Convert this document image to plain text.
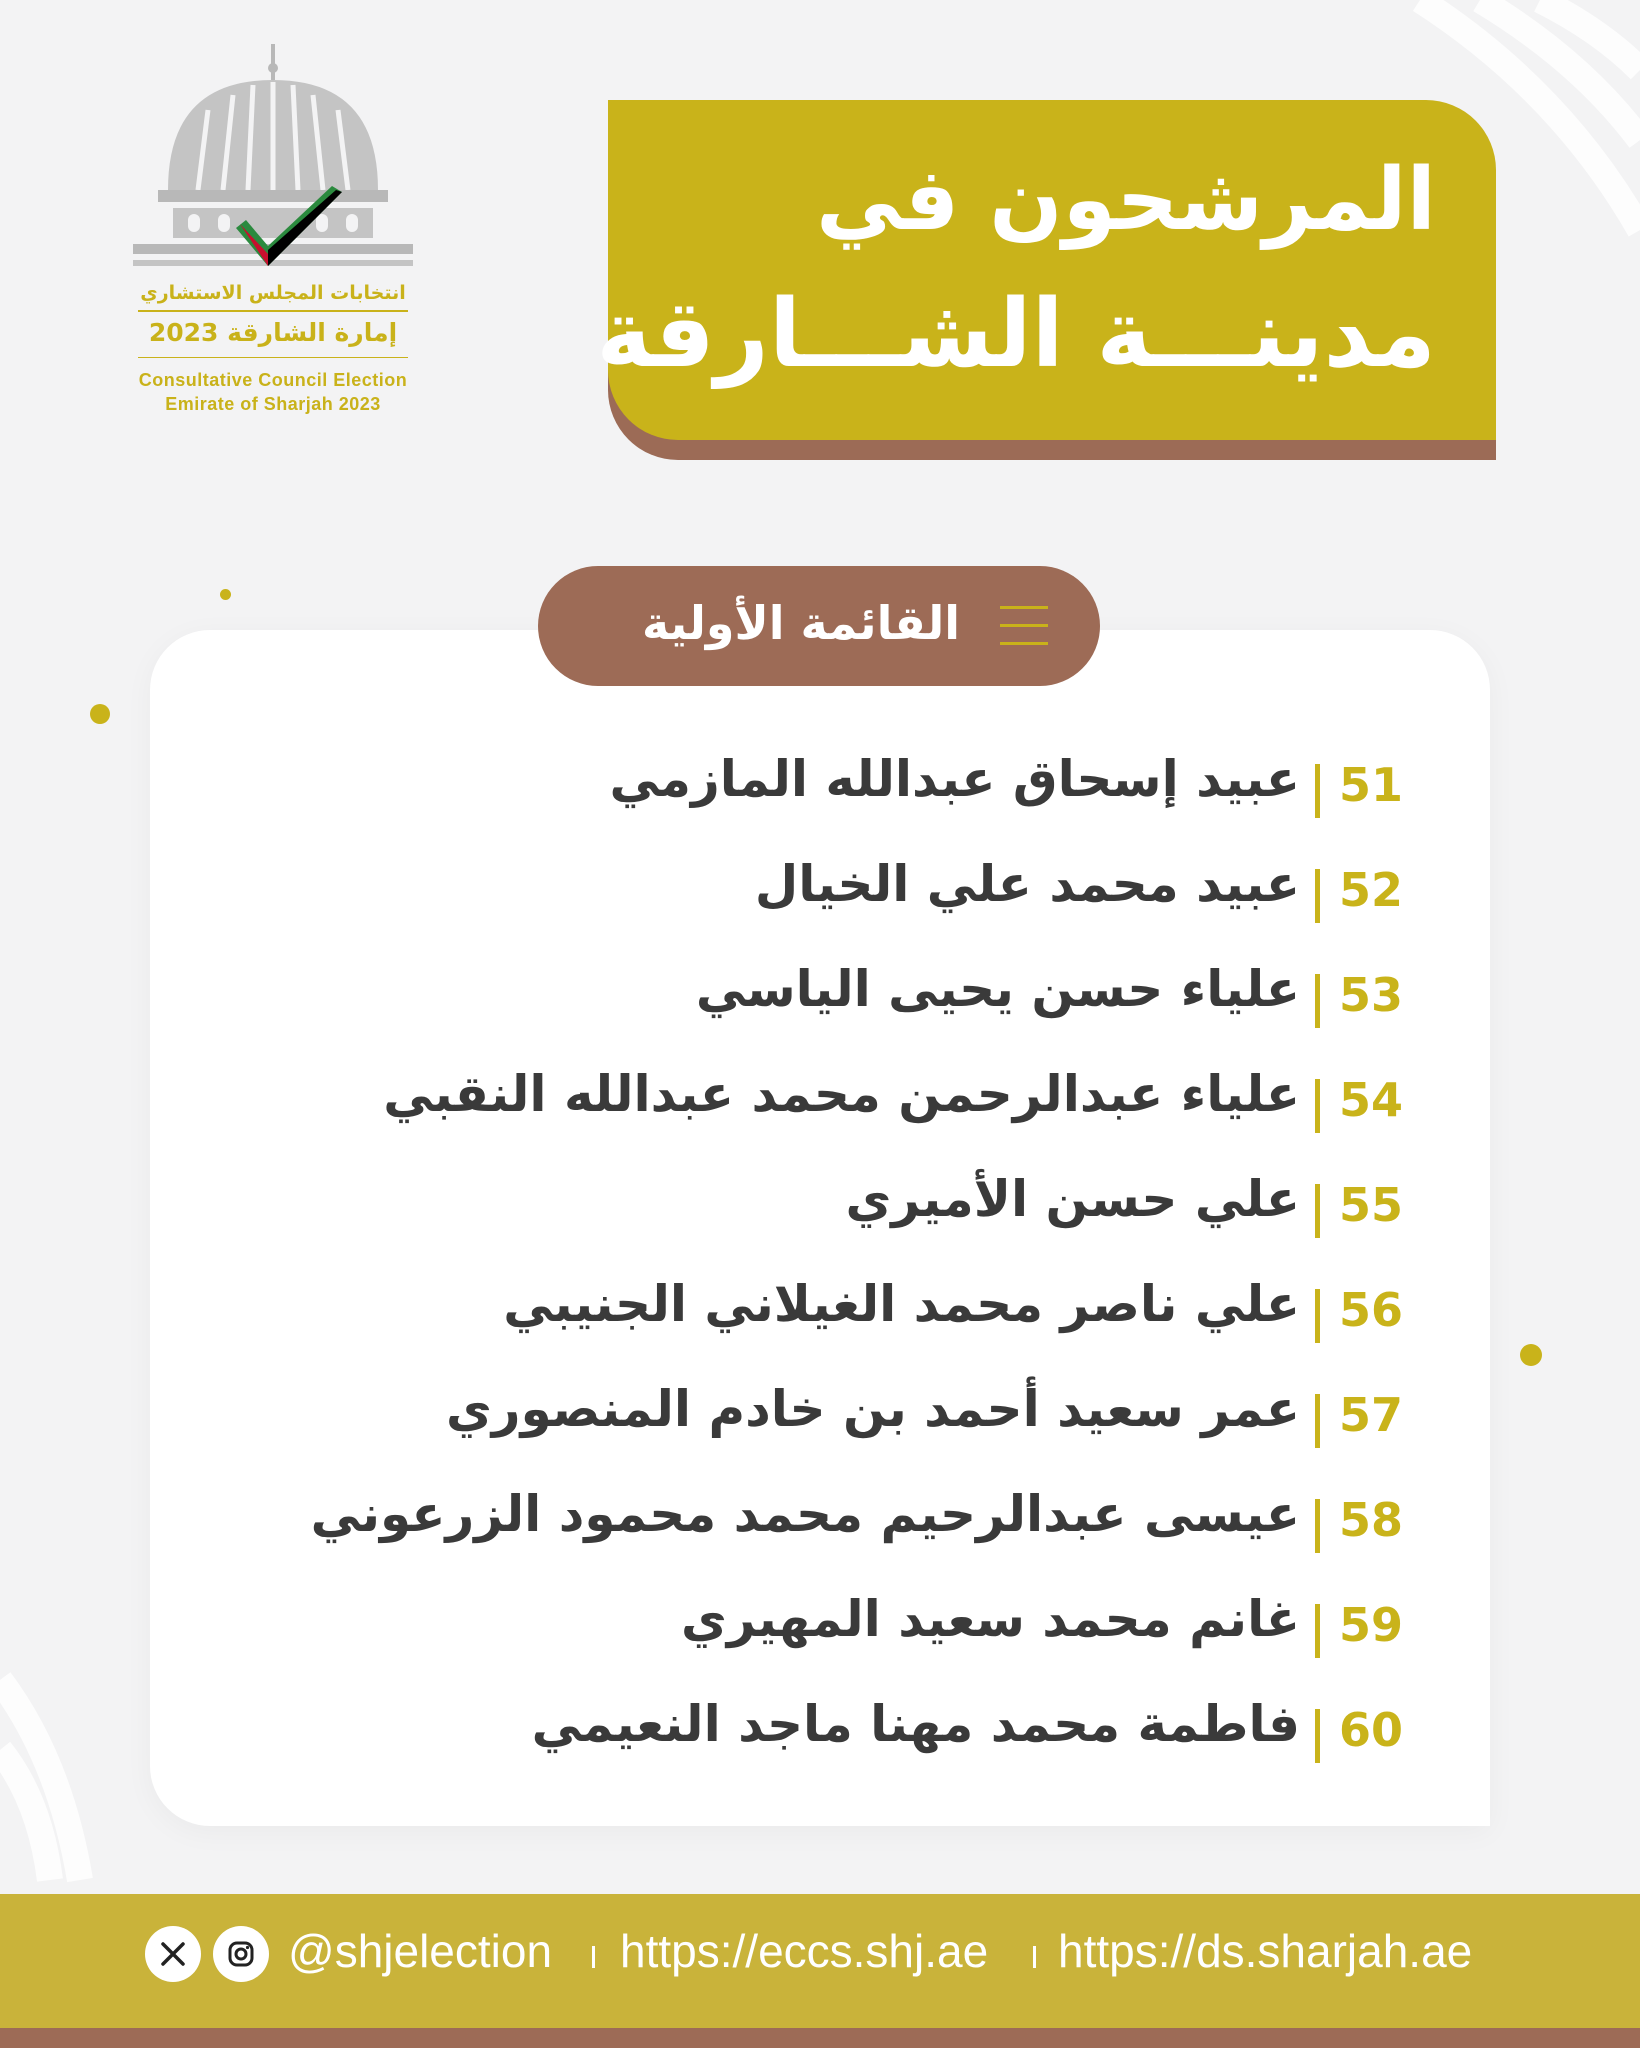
انتخابات المجلس الاستشاري
إمارة الشارقة 2023
Consultative Council Election
Emirate of Sharjah 2023
المرشحون في
مدينـــة الشـــارقة
51
عبيد إسحاق عبدالله المازمي
52
عبيد محمد علي الخيال
53
علياء حسن يحيى الياسي
54
علياء عبدالرحمن محمد عبدالله النقبي
55
علي حسن الأميري
56
علي ناصر محمد الغيلاني الجنيبي
57
عمر سعيد أحمد بن خادم المنصوري
58
عيسى عبدالرحيم محمد محمود الزرعوني
59
غانم محمد سعيد المهيري
60
فاطمة محمد مهنا ماجد النعيمي
القائمة الأولية
@shjelection https://eccs.shj.ae https://ds.sharjah.ae
